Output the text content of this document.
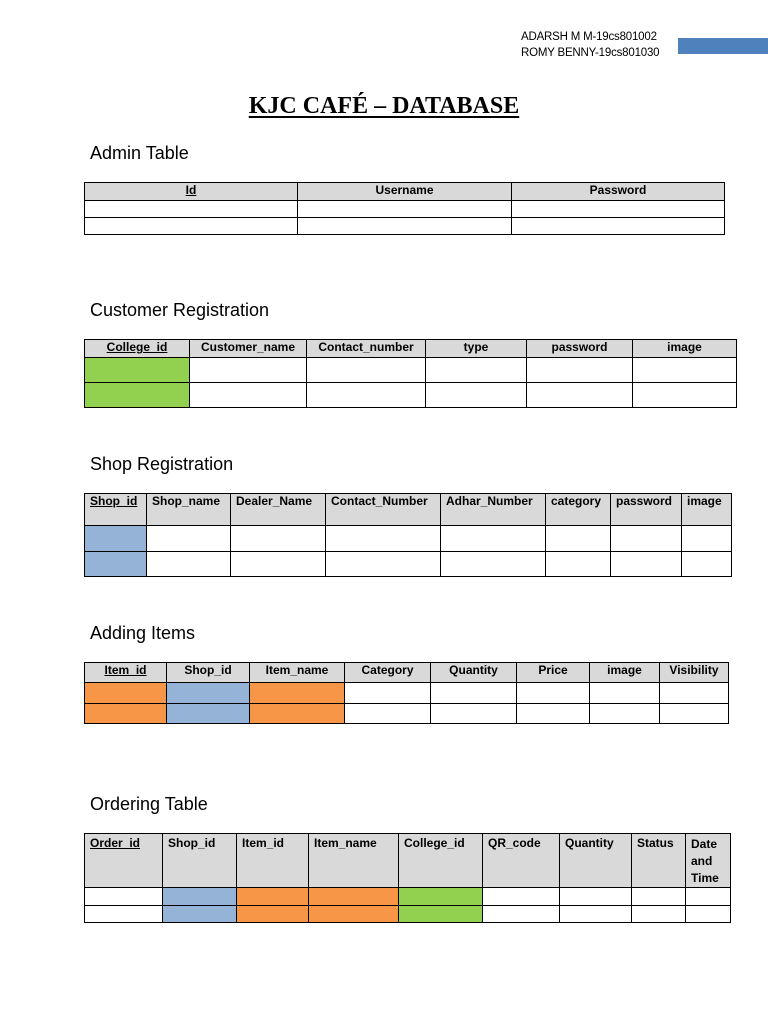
ADARSH M M-19cs801002
ROMY BENNY-19cs801030
KJC CAFÉ – DATABASE
Admin Table
Id	Username	Password

Customer Registration
College_id	Customer_name	Contact_number	type	password	image

Shop Registration
Shop_id	Shop_name	Dealer_Name	Contact_Number	Adhar_Number	category	password	image

Adding Items
Item_id	Shop_id	Item_name	Category	Quantity	Price	image	Visibility

Ordering Table
Order_id	Shop_id	Item_id	Item_name	College_id	QR_code	Quantity	Status	Date and Time
